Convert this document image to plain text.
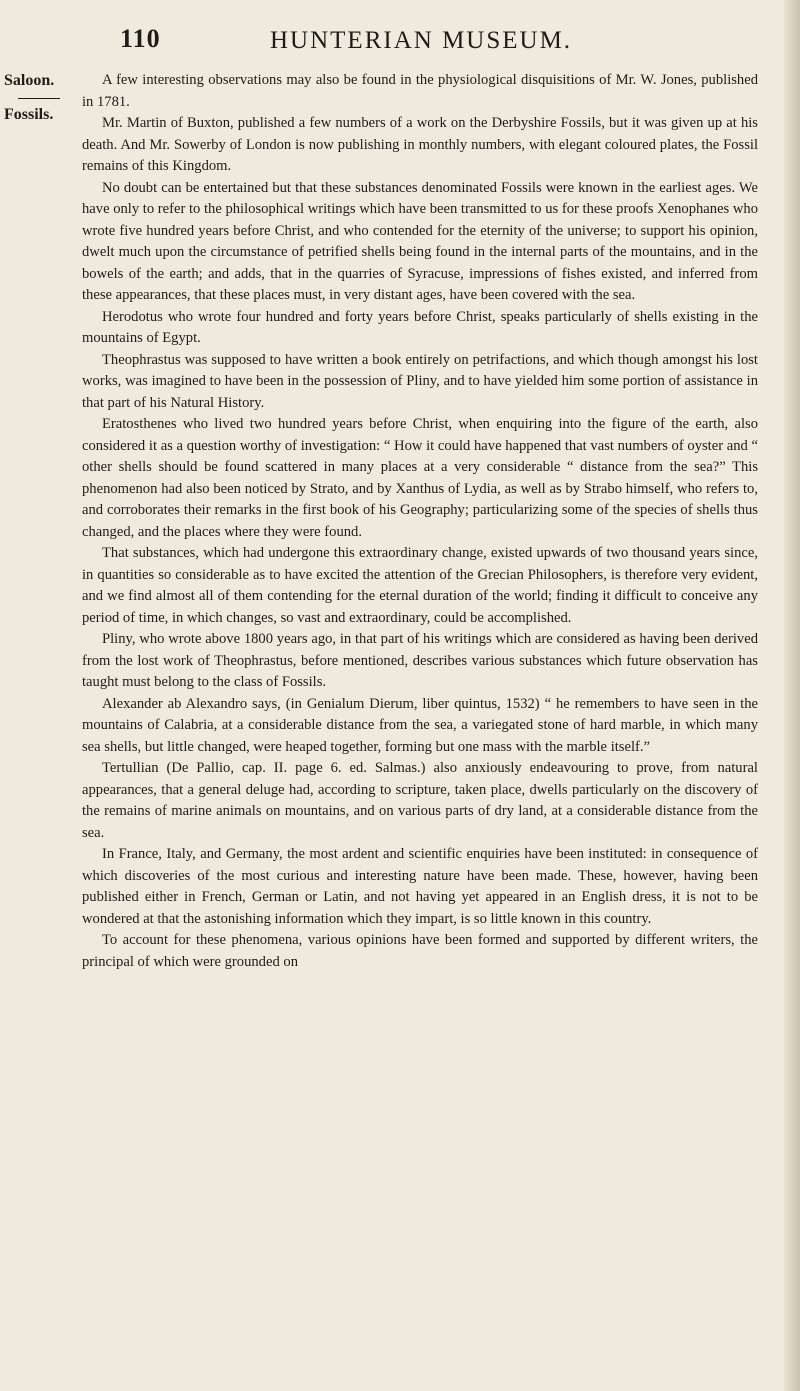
110	HUNTERIAN MUSEUM.
Saloon.
Fossils.

A few interesting observations may also be found in the physiological disquisitions of Mr. W. Jones, published in 1781.

Mr. Martin of Buxton, published a few numbers of a work on the Derbyshire Fossils, but it was given up at his death. And Mr. Sowerby of London is now publishing in monthly numbers, with elegant coloured plates, the Fossil remains of this Kingdom.

No doubt can be entertained but that these substances denominated Fossils were known in the earliest ages. We have only to refer to the philosophical writings which have been transmitted to us for these proofs Xenophanes who wrote five hundred years before Christ, and who contended for the eternity of the universe; to support his opinion, dwelt much upon the circumstance of petrified shells being found in the internal parts of the mountains, and in the bowels of the earth; and adds, that in the quarries of Syracuse, impressions of fishes existed, and inferred from these appearances, that these places must, in very distant ages, have been covered with the sea.

Herodotus who wrote four hundred and forty years before Christ, speaks particularly of shells existing in the mountains of Egypt.

Theophrastus was supposed to have written a book entirely on petrifactions, and which though amongst his lost works, was imagined to have been in the possession of Pliny, and to have yielded him some portion of assistance in that part of his Natural History.

Eratosthenes who lived two hundred years before Christ, when enquiring into the figure of the earth, also considered it as a question worthy of investigation: “ How it could have happened that vast numbers of oyster and “ other shells should be found scattered in many places at a very considerable “ distance from the sea?” This phenomenon had also been noticed by Strato, and by Xanthus of Lydia, as well as by Strabo himself, who refers to, and corroborates their remarks in the first book of his Geography; particularizing some of the species of shells thus changed, and the places where they were found.

That substances, which had undergone this extraordinary change, existed upwards of two thousand years since, in quantities so considerable as to have excited the attention of the Grecian Philosophers, is therefore very evident, and we find almost all of them contending for the eternal duration of the world; finding it difficult to conceive any period of time, in which changes, so vast and extraordinary, could be accomplished.

Pliny, who wrote above 1800 years ago, in that part of his writings which are considered as having been derived from the lost work of Theophrastus, before mentioned, describes various substances which future observation has taught must belong to the class of Fossils.

Alexander ab Alexandro says, (in Genialum Dierum, liber quintus, 1532) “ he remembers to have seen in the mountains of Calabria, at a considerable distance from the sea, a variegated stone of hard marble, in which many sea shells, but little changed, were heaped together, forming but one mass with the marble itself.”

Tertullian (De Pallio, cap. II. page 6. ed. Salmas.) also anxiously endeavouring to prove, from natural appearances, that a general deluge had, according to scripture, taken place, dwells particularly on the discovery of the remains of marine animals on mountains, and on various parts of dry land, at a considerable distance from the sea.

In France, Italy, and Germany, the most ardent and scientific enquiries have been instituted: in consequence of which discoveries of the most curious and interesting nature have been made. These, however, having been published either in French, German or Latin, and not having yet appeared in an English dress, it is not to be wondered at that the astonishing information which they impart, is so little known in this country.

To account for these phenomena, various opinions have been formed and supported by different writers, the principal of which were grounded on
